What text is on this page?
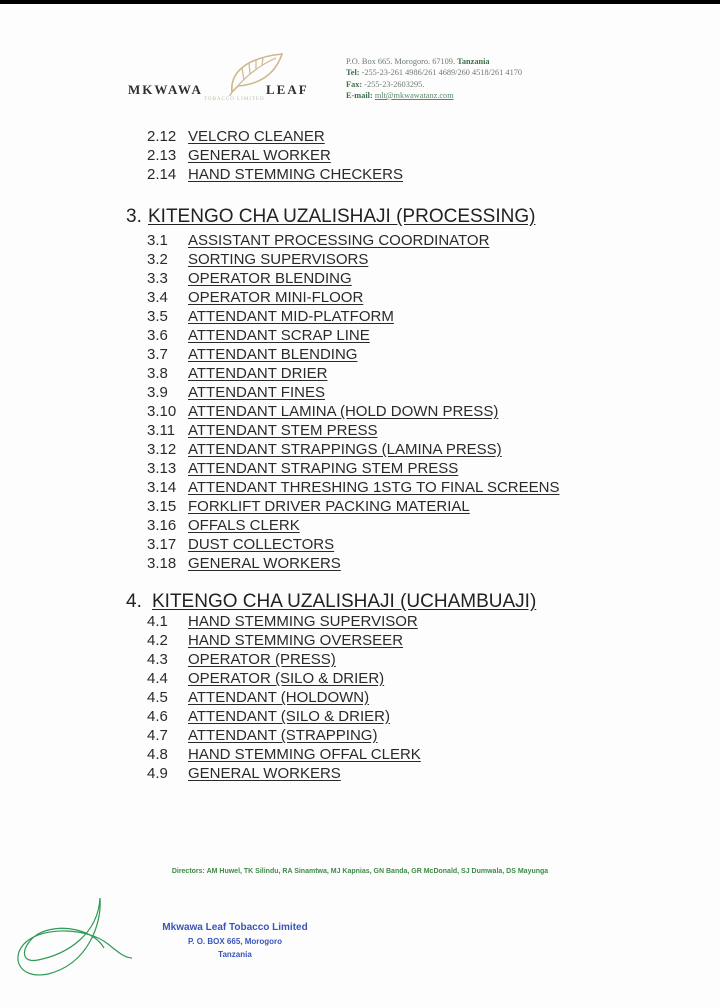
MKWAWA	LEAF
TOBACCO LIMITED
P.O. Box 665. Morogoro. 67109. Tanzania
Tel: -255-23-261 4986/261 4689/260 4518/261 4170
Fax: -255-23-2603295.
E-mail: mlt@mkwawatanz.com
2.12 VELCRO CLEANER
2.13 GENERAL WORKER
2.14 HAND STEMMING CHECKERS
3. KITENGO CHA UZALISHAJI (PROCESSING)
3.1 ASSISTANT PROCESSING COORDINATOR
3.2 SORTING SUPERVISORS
3.3 OPERATOR BLENDING
3.4 OPERATOR MINI-FLOOR
3.5 ATTENDANT MID-PLATFORM
3.6 ATTENDANT SCRAP LINE
3.7 ATTENDANT BLENDING
3.8 ATTENDANT DRIER
3.9 ATTENDANT FINES
3.10 ATTENDANT LAMINA (HOLD DOWN PRESS)
3.11 ATTENDANT STEM PRESS
3.12 ATTENDANT STRAPPINGS (LAMINA PRESS)
3.13 ATTENDANT STRAPING STEM PRESS
3.14 ATTENDANT THRESHING 1STG TO FINAL SCREENS
3.15 FORKLIFT DRIVER PACKING MATERIAL
3.16 OFFALS CLERK
3.17 DUST COLLECTORS
3.18 GENERAL WORKERS
4. KITENGO CHA UZALISHAJI (UCHAMBUAJI)
4.1 HAND STEMMING SUPERVISOR
4.2 HAND STEMMING OVERSEER
4.3 OPERATOR (PRESS)
4.4 OPERATOR (SILO & DRIER)
4.5 ATTENDANT (HOLDOWN)
4.6 ATTENDANT (SILO & DRIER)
4.7 ATTENDANT (STRAPPING)
4.8 HAND STEMMING OFFAL CLERK
4.9 GENERAL WORKERS
Directors: AM Huwel, TK Silindu, RA Sinamtwa, MJ Kapnias, GN Banda, GR McDonald, SJ Dumwala, DS Mayunga
Mkwawa Leaf Tobacco Limited
P. O. BOX 665, Morogoro
Tanzania
